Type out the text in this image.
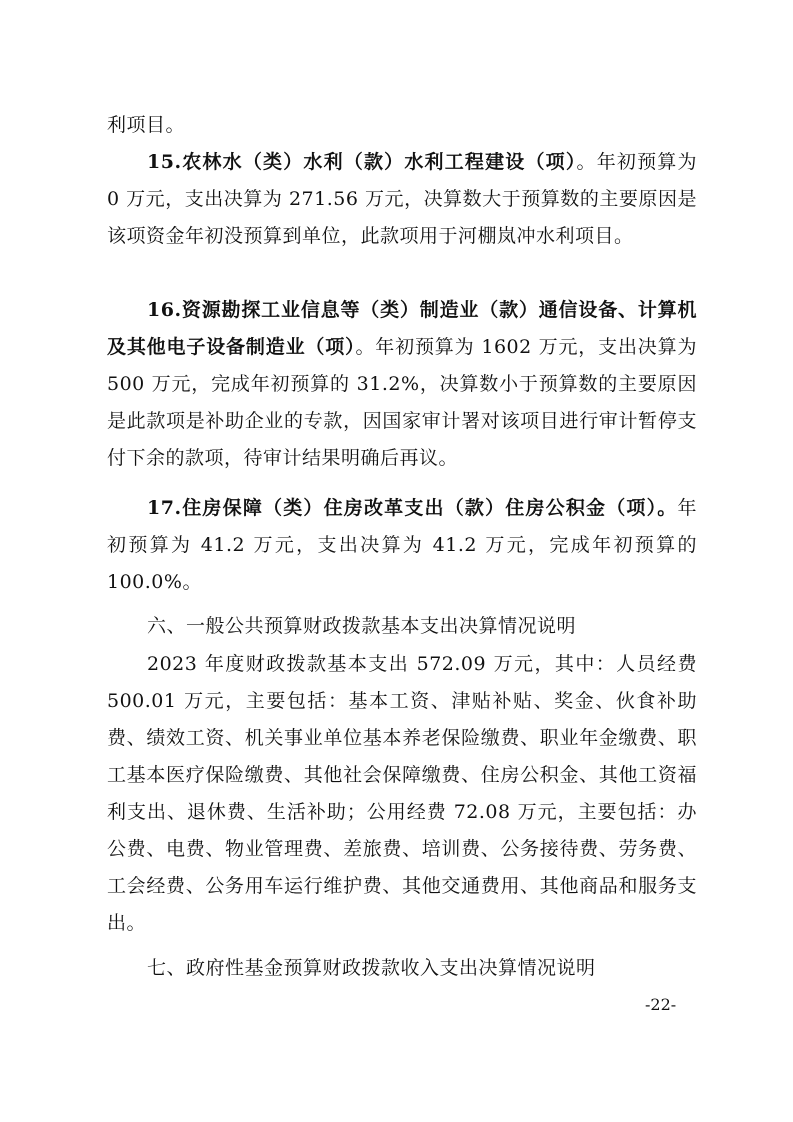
利项目。

15.农林水（类）水利（款）水利工程建设（项）。年初预算为 0 万元，支出决算为 271.56 万元，决算数大于预算数的主要原因是该项资金年初没预算到单位，此款项用于河棚岚冲水利项目。

16.资源勘探工业信息等（类）制造业（款）通信设备、计算机及其他电子设备制造业（项）。年初预算为 1602 万元，支出决算为 500 万元，完成年初预算的 31.2%，决算数小于预算数的主要原因是此款项是补助企业的专款，因国家审计署对该项目进行审计暂停支付下余的款项，待审计结果明确后再议。

17.住房保障（类）住房改革支出（款）住房公积金（项）。年初预算为 41.2 万元，支出决算为 41.2 万元，完成年初预算的 100.0%。

六、一般公共预算财政拨款基本支出决算情况说明

2023 年度财政拨款基本支出 572.09 万元，其中：人员经费 500.01 万元，主要包括：基本工资、津贴补贴、奖金、伙食补助费、绩效工资、机关事业单位基本养老保险缴费、职业年金缴费、职工基本医疗保险缴费、其他社会保障缴费、住房公积金、其他工资福利支出、退休费、生活补助；公用经费 72.08 万元，主要包括：办公费、电费、物业管理费、差旅费、培训费、公务接待费、劳务费、工会经费、公务用车运行维护费、其他交通费用、其他商品和服务支出。

七、政府性基金预算财政拨款收入支出决算情况说明

-22-
